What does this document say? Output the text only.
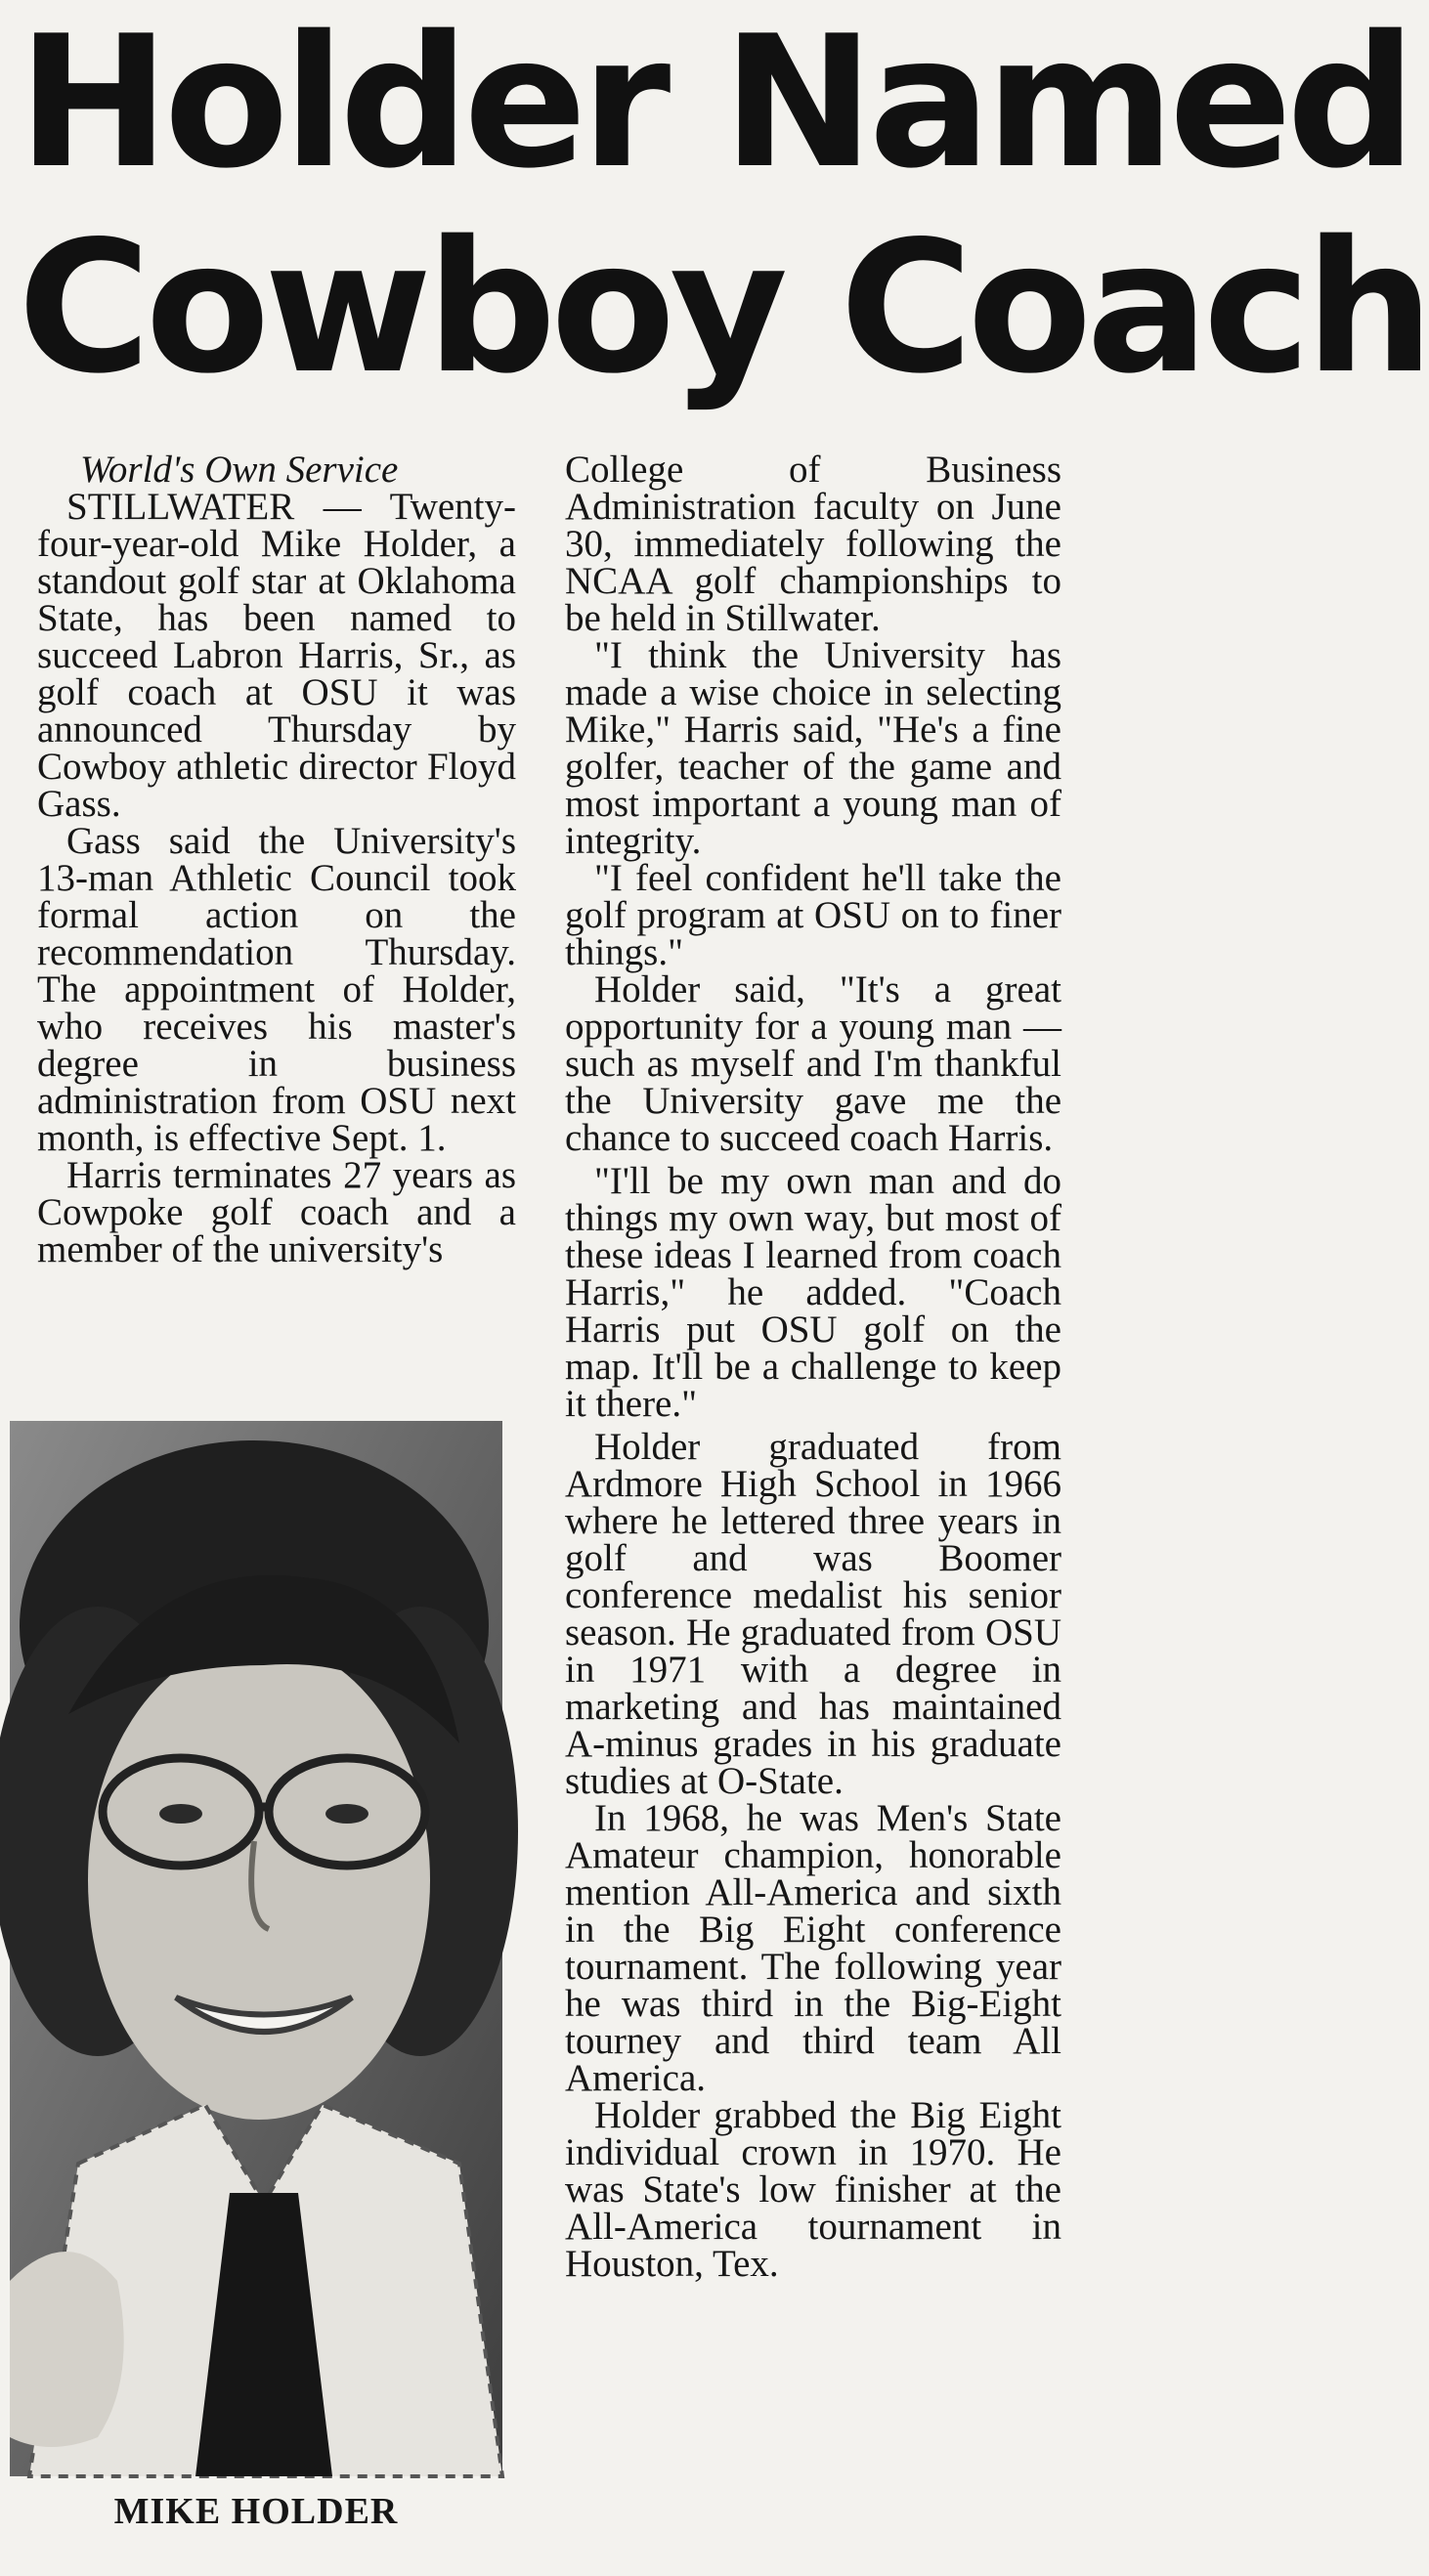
Holder Named
Cowboy Coach

World's Own Service

STILLWATER — Twenty-four-year-old Mike Holder, a standout golf star at Oklahoma State, has been named to succeed Labron Harris, Sr., as golf coach at OSU it was announced Thursday by Cowboy athletic director Floyd Gass.

Gass said the University's 13-man Athletic Council took formal action on the recommendation Thursday. The appointment of Holder, who receives his master's degree in business administration from OSU next month, is effective Sept. 1.

Harris terminates 27 years as Cowpoke golf coach and a member of the university's

MIKE HOLDER

College of Business Administration faculty on June 30, immediately following the NCAA golf championships to be held in Stillwater.

"I think the University has made a wise choice in selecting Mike," Harris said, "He's a fine golfer, teacher of the game and most important a young man of integrity.

"I feel confident he'll take the golf program at OSU on to finer things."

Holder said, "It's a great opportunity for a young man — such as myself and I'm thankful the University gave me the chance to succeed coach Harris.

"I'll be my own man and do things my own way, but most of these ideas I learned from coach Harris," he added. "Coach Harris put OSU golf on the map. It'll be a challenge to keep it there."

Holder graduated from Ardmore High School in 1966 where he lettered three years in golf and was Boomer conference medalist his senior season. He graduated from OSU in 1971 with a degree in marketing and has maintained A-minus grades in his graduate studies at O-State.

In 1968, he was Men's State Amateur champion, honorable mention All-America and sixth in the Big Eight conference tournament. The following year he was third in the Big-Eight tourney and third team All America.

Holder grabbed the Big Eight individual crown in 1970. He was State's low finisher at the All-America tournament in Houston, Tex.
